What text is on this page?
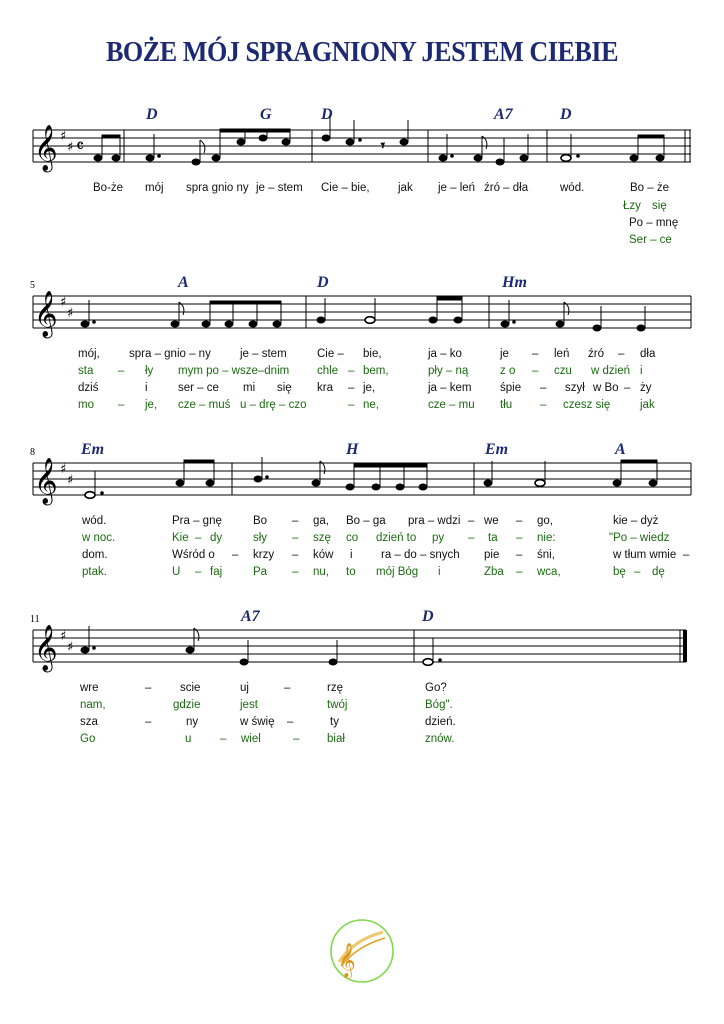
BOŻE MÓJ SPRAGNIONY JESTEM CIEBIE
D	G	D	A7	D
𝄞 ♯
♯ 𝄴	𝄾
Bo-że mój spra gnio ny je – stem Cie – bie, jak je – leń źró – dła	wód.	Bo – że
Łzy się
Po – mnę
Ser – ce
5	A	D	Hm
𝄞 ♯
♯
mój,	spra – gnio – ny	je – stem	Cie – bie,	ja – ko	je – leń źró – dła
sta – ły mym po – wsze–dnim chle – bem,	pły – ną	z o – czu w dzień i
dziś	i	ser – ce mi się kra – je,	ja – kem śpie – szył w Bo – ży
mo – je, cze – muś u – drę – czo	– ne,	cze – mu tłu – czesz się	jak
8	Em	H	Em	A
𝄞 ♯
♯
wód.	Pra – gnę	Bo – ga, Bo – ga pra – wdzi – we – go,	kie – dyż
w noc.	Kie – dy	sły – szę co dzień to py – ta – nie:	"Po – wiedz
dom.	Wśród o – krzy – ków i ra – do – snych pie – śni,	w tłum wmie –
ptak.	U – faj	Pa – nu, to mój Bóg i	Zba – wca,	bę – dę
11	A7	D
𝄞 ♯
♯
wre	– scie	uj	–	rzę	Go?
nam,	gdzie	jest	twój	Bóg".
sza	–	ny	w świę –	ty	dzień.
Go	u – wiel	– biał	znów.
𝄞
